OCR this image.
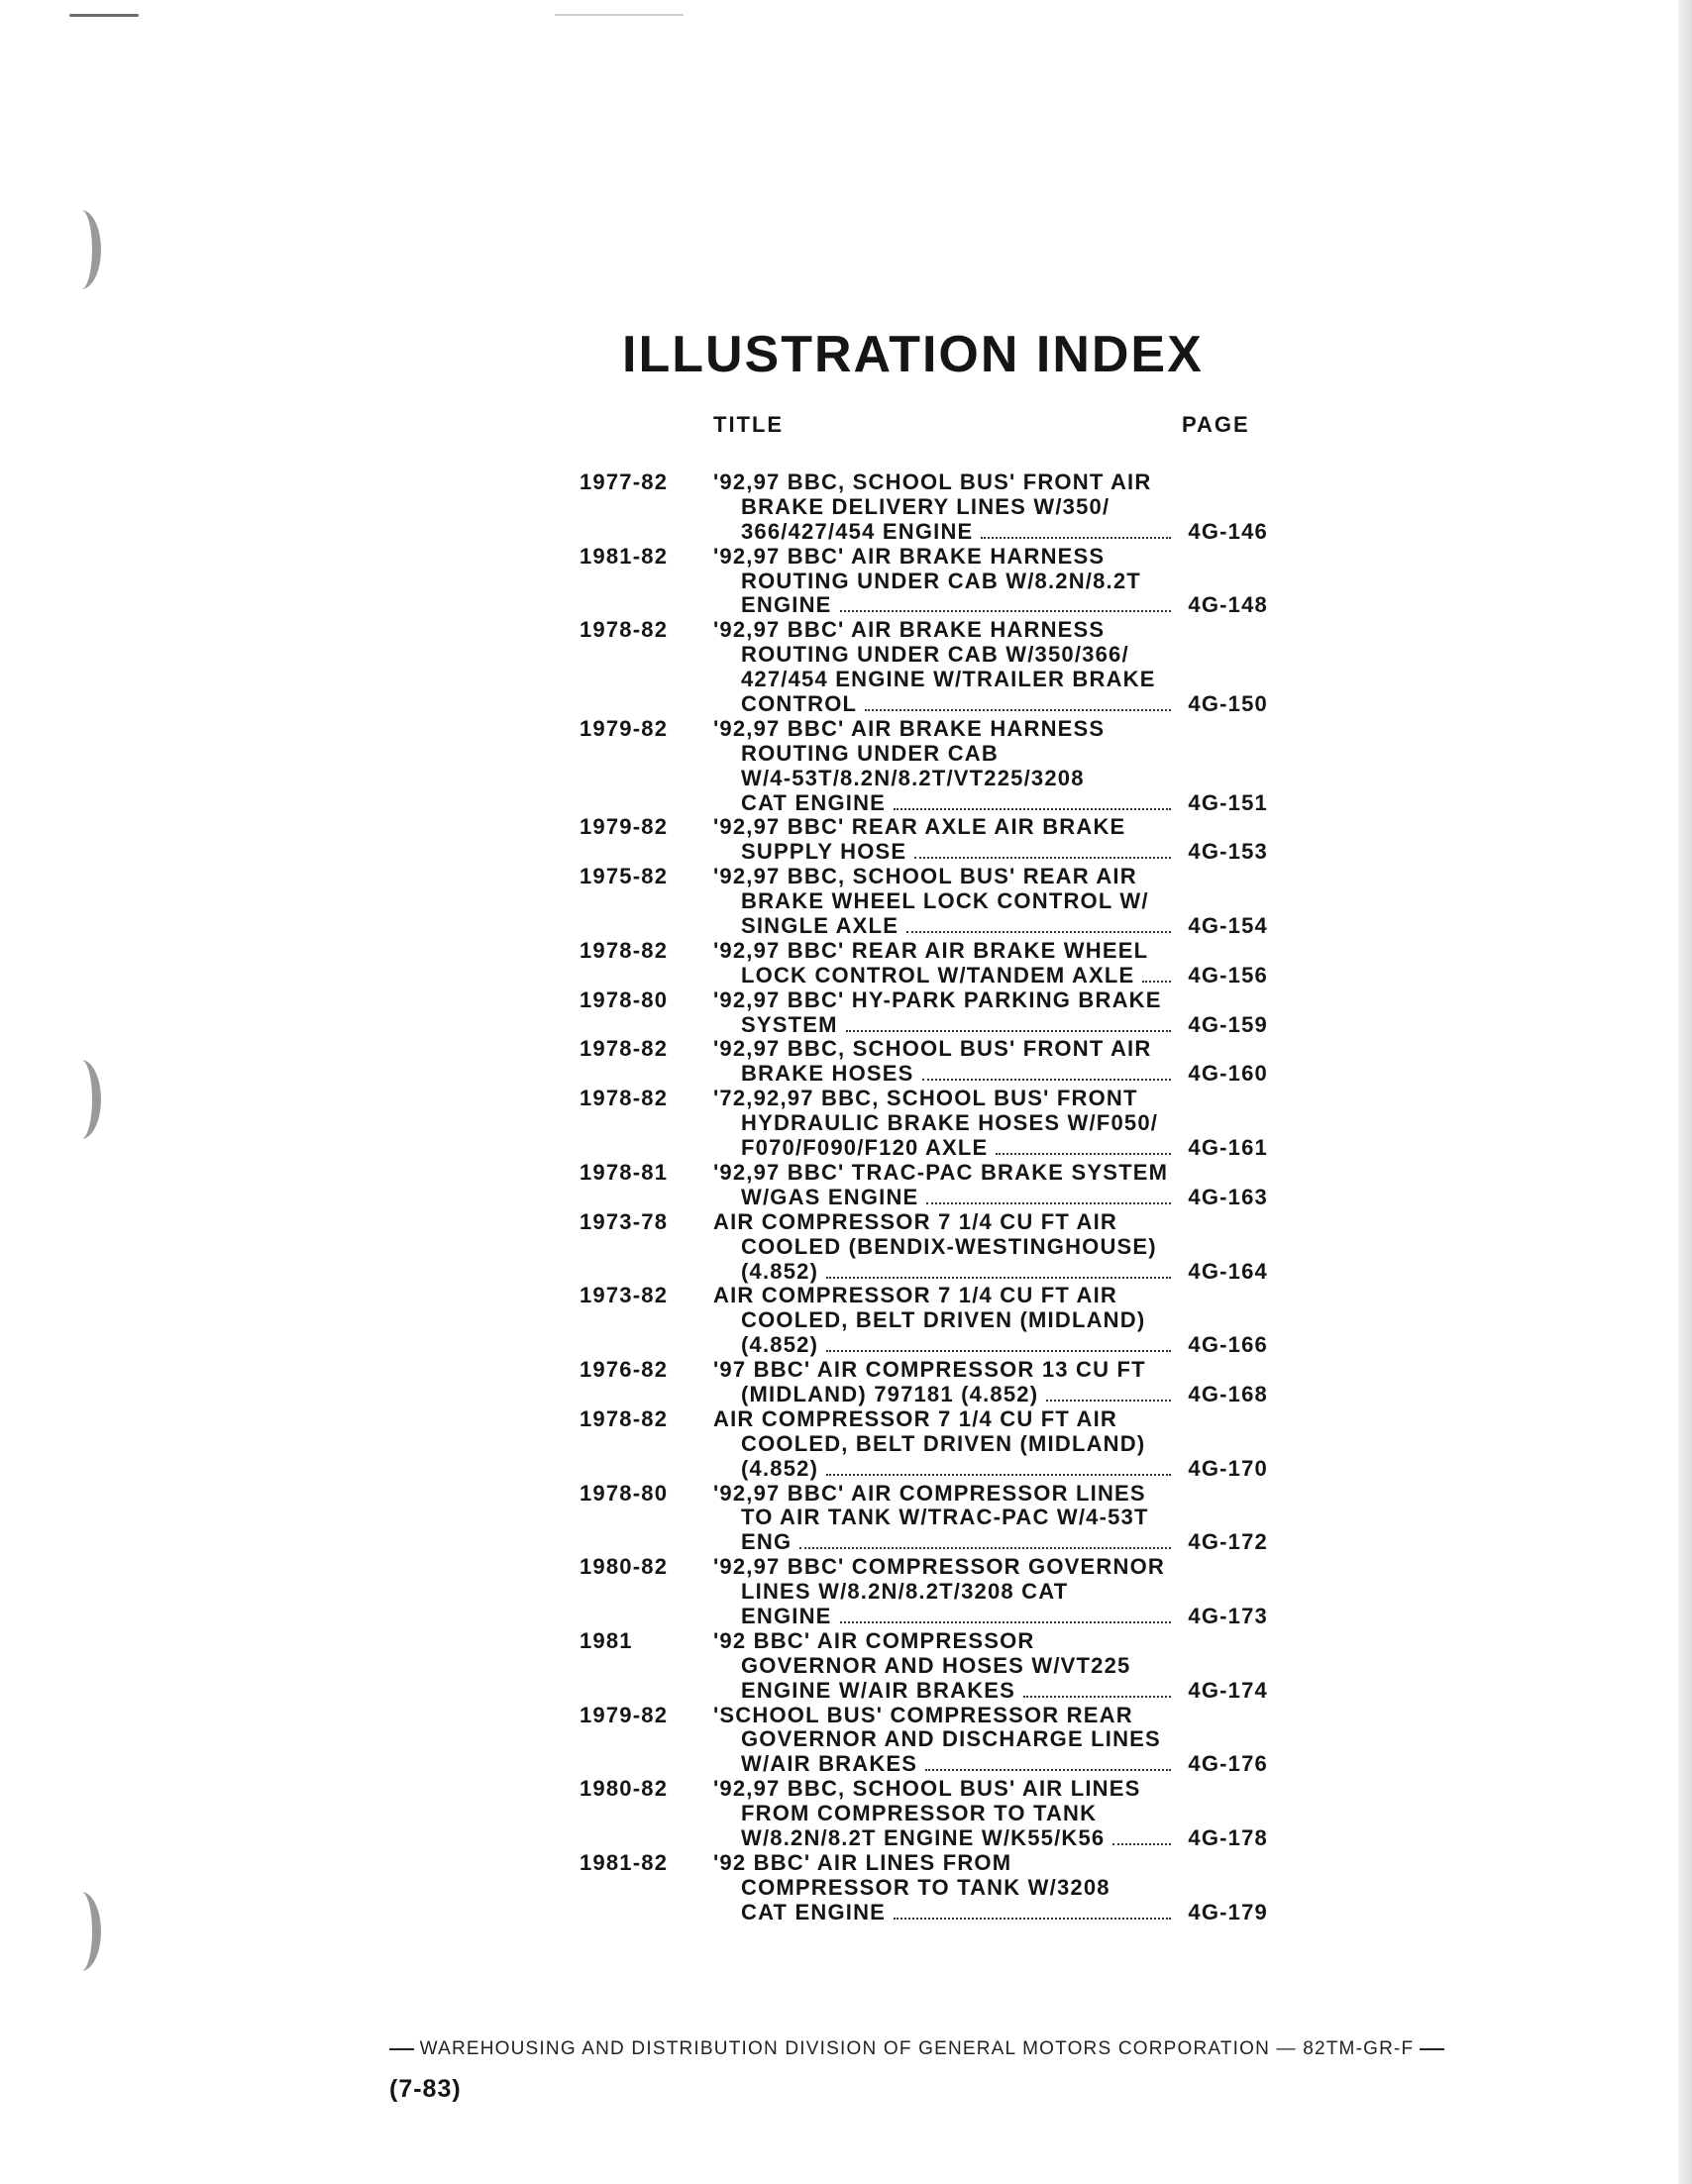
ILLUSTRATION INDEX
TITLE	PAGE
1977-82	'92,97 BBC, SCHOOL BUS' FRONT AIR
BRAKE DELIVERY LINES W/350/
366/427/454 ENGINE	4G-146
1981-82	'92,97 BBC' AIR BRAKE HARNESS
ROUTING UNDER CAB W/8.2N/8.2T
ENGINE	4G-148
1978-82	'92,97 BBC' AIR BRAKE HARNESS
ROUTING UNDER CAB W/350/366/
427/454 ENGINE W/TRAILER BRAKE
CONTROL	4G-150
1979-82	'92,97 BBC' AIR BRAKE HARNESS
ROUTING UNDER CAB
W/4-53T/8.2N/8.2T/VT225/3208
CAT ENGINE	4G-151
1979-82	'92,97 BBC' REAR AXLE AIR BRAKE
SUPPLY HOSE	4G-153
1975-82	'92,97 BBC, SCHOOL BUS' REAR AIR
BRAKE WHEEL LOCK CONTROL W/
SINGLE AXLE	4G-154
1978-82	'92,97 BBC' REAR AIR BRAKE WHEEL
LOCK CONTROL W/TANDEM AXLE	4G-156
1978-80	'92,97 BBC' HY-PARK PARKING BRAKE
SYSTEM	4G-159
1978-82	'92,97 BBC, SCHOOL BUS' FRONT AIR
BRAKE HOSES	4G-160
1978-82	'72,92,97 BBC, SCHOOL BUS' FRONT
HYDRAULIC BRAKE HOSES W/F050/
F070/F090/F120 AXLE	4G-161
1978-81	'92,97 BBC' TRAC-PAC BRAKE SYSTEM
W/GAS ENGINE	4G-163
1973-78	AIR COMPRESSOR 7 1/4 CU FT AIR
COOLED (BENDIX-WESTINGHOUSE)
(4.852)	4G-164
1973-82	AIR COMPRESSOR 7 1/4 CU FT AIR
COOLED, BELT DRIVEN (MIDLAND)
(4.852)	4G-166
1976-82	'97 BBC' AIR COMPRESSOR 13 CU FT
(MIDLAND) 797181 (4.852)	4G-168
1978-82	AIR COMPRESSOR 7 1/4 CU FT AIR
COOLED, BELT DRIVEN (MIDLAND)
(4.852)	4G-170
1978-80	'92,97 BBC' AIR COMPRESSOR LINES
TO AIR TANK W/TRAC-PAC W/4-53T
ENG	4G-172
1980-82	'92,97 BBC' COMPRESSOR GOVERNOR
LINES W/8.2N/8.2T/3208 CAT
ENGINE	4G-173
1981	'92 BBC' AIR COMPRESSOR
GOVERNOR AND HOSES W/VT225
ENGINE W/AIR BRAKES	4G-174
1979-82	'SCHOOL BUS' COMPRESSOR REAR
GOVERNOR AND DISCHARGE LINES
W/AIR BRAKES	4G-176
1980-82	'92,97 BBC, SCHOOL BUS' AIR LINES
FROM COMPRESSOR TO TANK
W/8.2N/8.2T ENGINE W/K55/K56	4G-178
1981-82	'92 BBC' AIR LINES FROM
COMPRESSOR TO TANK W/3208
CAT ENGINE	4G-179
WAREHOUSING AND DISTRIBUTION DIVISION OF GENERAL MOTORS CORPORATION — 82TM-GR-F
(7-83)
